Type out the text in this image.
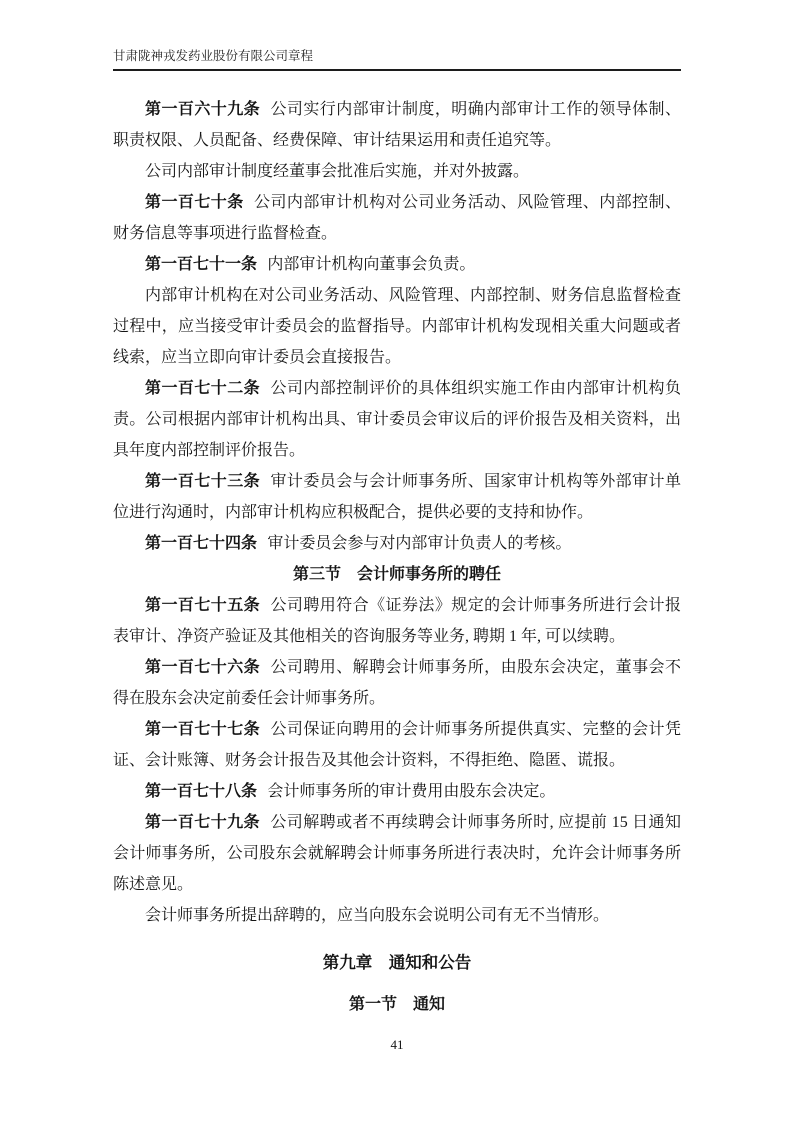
甘肃陇神戎发药业股份有限公司章程

第一百六十九条 公司实行内部审计制度，明确内部审计工作的领导体制、职责权限、人员配备、经费保障、审计结果运用和责任追究等。

公司内部审计制度经董事会批准后实施，并对外披露。

第一百七十条 公司内部审计机构对公司业务活动、风险管理、内部控制、财务信息等事项进行监督检查。

第一百七十一条 内部审计机构向董事会负责。

内部审计机构在对公司业务活动、风险管理、内部控制、财务信息监督检查过程中，应当接受审计委员会的监督指导。内部审计机构发现相关重大问题或者线索，应当立即向审计委员会直接报告。

第一百七十二条 公司内部控制评价的具体组织实施工作由内部审计机构负责。公司根据内部审计机构出具、审计委员会审议后的评价报告及相关资料，出具年度内部控制评价报告。

第一百七十三条 审计委员会与会计师事务所、国家审计机构等外部审计单位进行沟通时，内部审计机构应积极配合，提供必要的支持和协作。

第一百七十四条 审计委员会参与对内部审计负责人的考核。

第三节　会计师事务所的聘任

第一百七十五条 公司聘用符合《证券法》规定的会计师事务所进行会计报表审计、净资产验证及其他相关的咨询服务等业务, 聘期 1 年, 可以续聘。

第一百七十六条 公司聘用、解聘会计师事务所，由股东会决定，董事会不得在股东会决定前委任会计师事务所。

第一百七十七条 公司保证向聘用的会计师事务所提供真实、完整的会计凭证、会计账簿、财务会计报告及其他会计资料，不得拒绝、隐匿、谎报。

第一百七十八条 会计师事务所的审计费用由股东会决定。

第一百七十九条 公司解聘或者不再续聘会计师事务所时, 应提前 15 日通知会计师事务所，公司股东会就解聘会计师事务所进行表决时，允许会计师事务所陈述意见。

会计师事务所提出辞聘的，应当向股东会说明公司有无不当情形。

第九章　通知和公告

第一节　通知

41
